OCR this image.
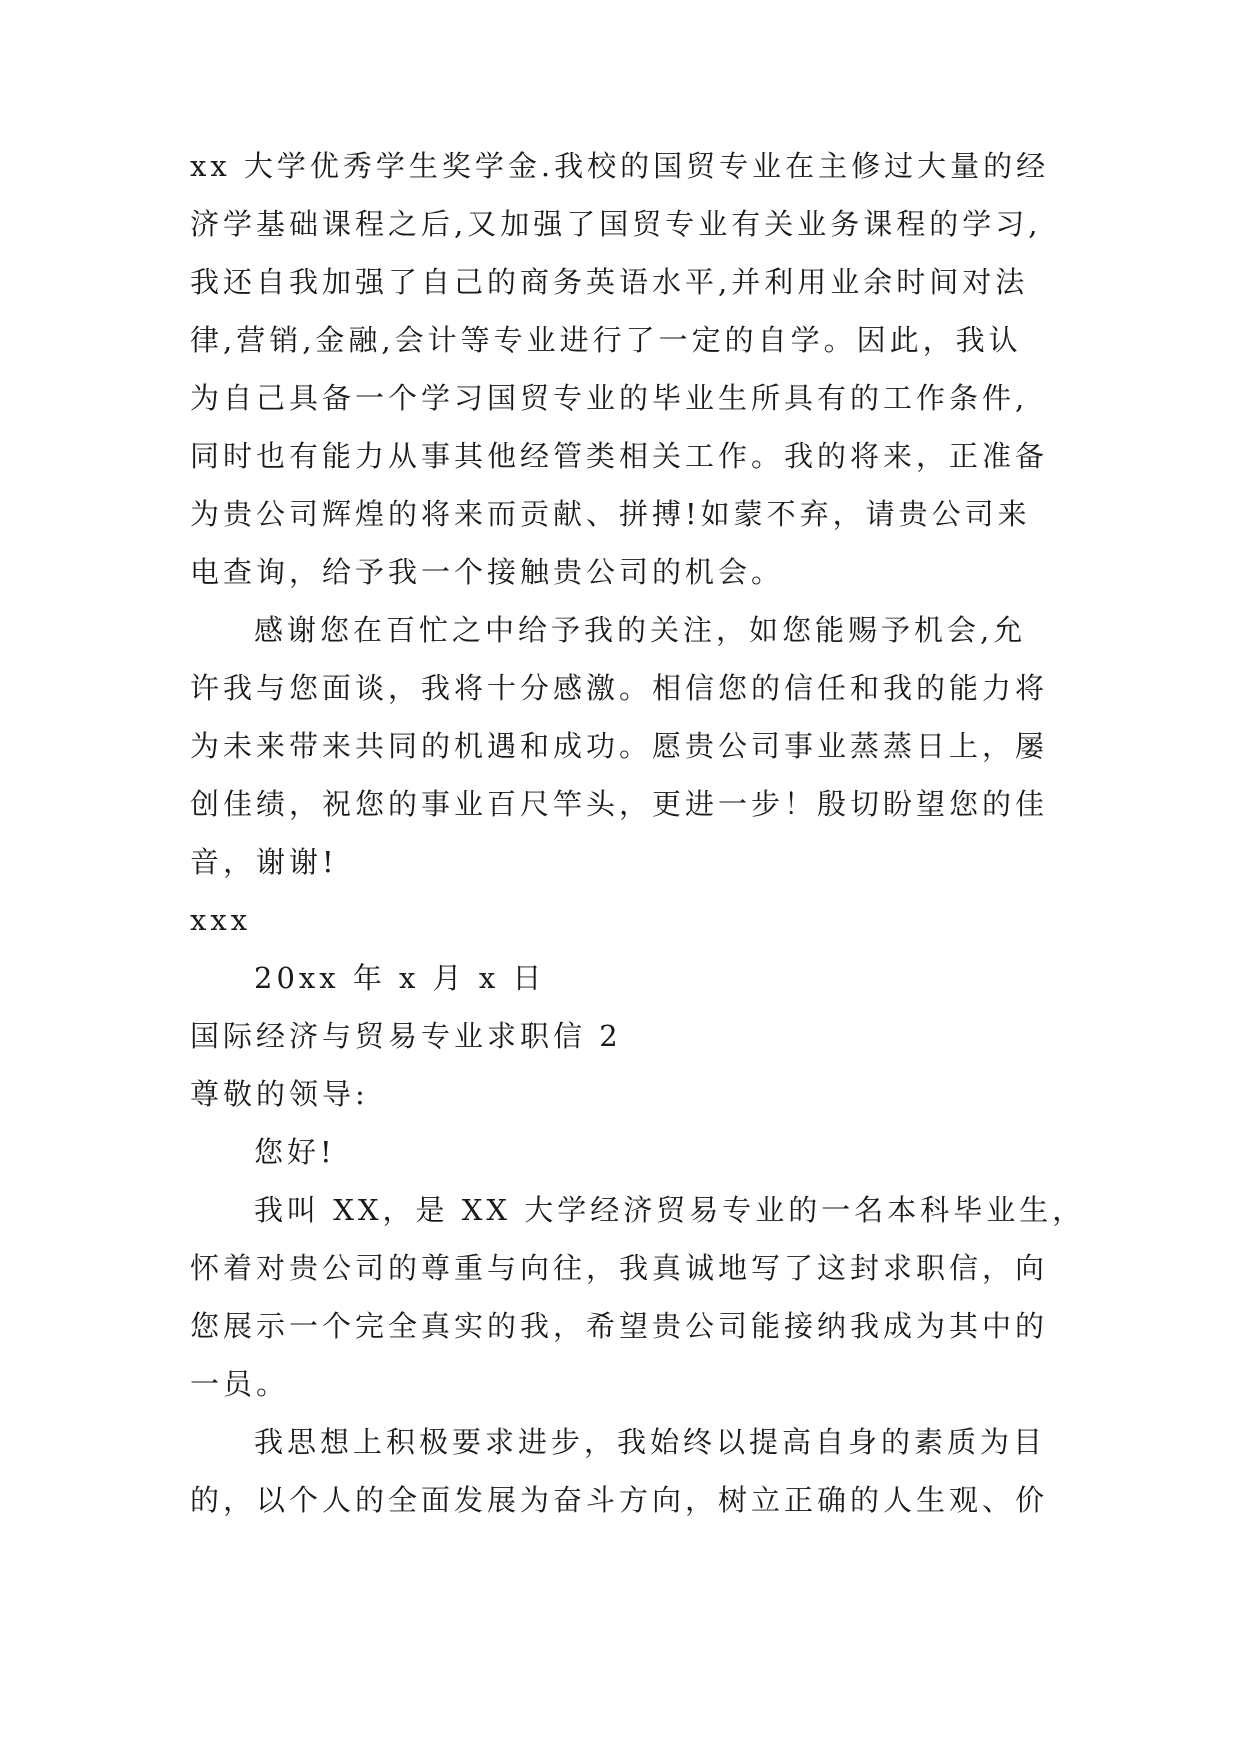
xx 大学优秀学生奖学金.我校的国贸专业在主修过大量的经
济学基础课程之后,又加强了国贸专业有关业务课程的学习,
我还自我加强了自己的商务英语水平,并利用业余时间对法
律,营销,金融,会计等专业进行了一定的自学。因此，我认
为自己具备一个学习国贸专业的毕业生所具有的工作条件,
同时也有能力从事其他经管类相关工作。我的将来，正准备
为贵公司辉煌的将来而贡献、拼搏!如蒙不弃，请贵公司来
电查询，给予我一个接触贵公司的机会。
感谢您在百忙之中给予我的关注，如您能赐予机会,允
许我与您面谈，我将十分感激。相信您的信任和我的能力将
为未来带来共同的机遇和成功。愿贵公司事业蒸蒸日上，屡
创佳绩，祝您的事业百尺竿头，更进一步！殷切盼望您的佳
音，谢谢!
xxx
20xx 年 x 月 x 日
国际经济与贸易专业求职信 2
尊敬的领导:
您好!
我叫 XX，是 XX 大学经济贸易专业的一名本科毕业生，
怀着对贵公司的尊重与向往，我真诚地写了这封求职信，向
您展示一个完全真实的我，希望贵公司能接纳我成为其中的
一员。
我思想上积极要求进步，我始终以提高自身的素质为目
的，以个人的全面发展为奋斗方向，树立正确的人生观、价
